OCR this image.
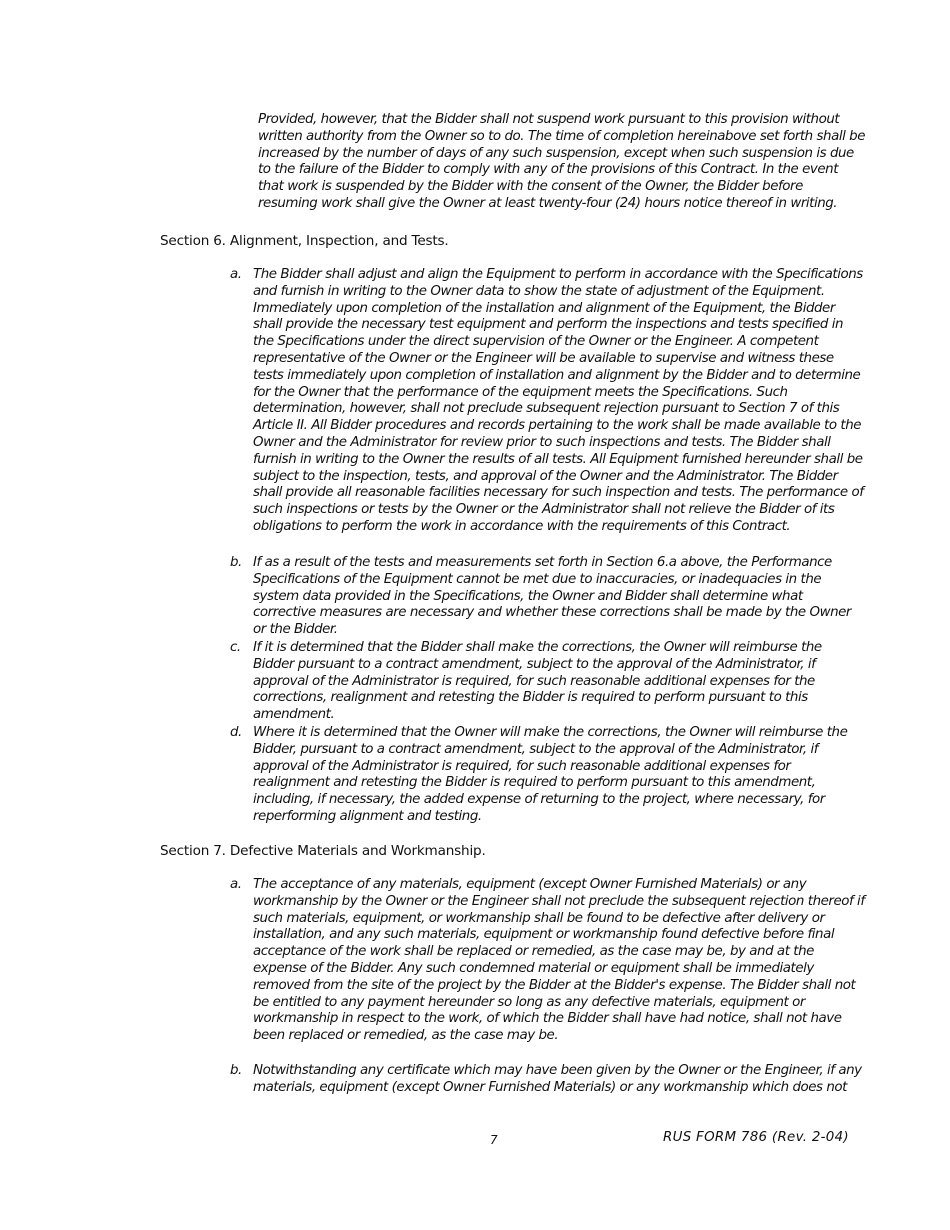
Provided, however, that the Bidder shall not suspend work pursuant to this provision without written authority from the Owner so to do. The time of completion hereinabove set forth shall be increased by the number of days of any such suspension, except when such suspension is due to the failure of the Bidder to comply with any of the provisions of this Contract. In the event that work is suspended by the Bidder with the consent of the Owner, the Bidder before resuming work shall give the Owner at least twenty-four (24) hours notice thereof in writing.

Section 6. Alignment, Inspection, and Tests.
a. The Bidder shall adjust and align the Equipment to perform in accordance with the Specifications and furnish in writing to the Owner data to show the state of adjustment of the Equipment. Immediately upon completion of the installation and alignment of the Equipment, the Bidder shall provide the necessary test equipment and perform the inspections and tests specified in the Specifications under the direct supervision of the Owner or the Engineer. A competent representative of the Owner or the Engineer will be available to supervise and witness these tests immediately upon completion of installation and alignment by the Bidder and to determine for the Owner that the performance of the equipment meets the Specifications. Such determination, however, shall not preclude subsequent rejection pursuant to Section 7 of this Article II. All Bidder procedures and records pertaining to the work shall be made available to the Owner and the Administrator for review prior to such inspections and tests. The Bidder shall furnish in writing to the Owner the results of all tests. All Equipment furnished hereunder shall be subject to the inspection, tests, and approval of the Owner and the Administrator. The Bidder shall provide all reasonable facilities necessary for such inspection and tests. The performance of such inspections or tests by the Owner or the Administrator shall not relieve the Bidder of its obligations to perform the work in accordance with the requirements of this Contract.
b. If as a result of the tests and measurements set forth in Section 6.a above, the Performance Specifications of the Equipment cannot be met due to inaccuracies, or inadequacies in the system data provided in the Specifications, the Owner and Bidder shall determine what corrective measures are necessary and whether these corrections shall be made by the Owner or the Bidder.
c. If it is determined that the Bidder shall make the corrections, the Owner will reimburse the Bidder pursuant to a contract amendment, subject to the approval of the Administrator, if approval of the Administrator is required, for such reasonable additional expenses for the corrections, realignment and retesting the Bidder is required to perform pursuant to this amendment.
d. Where it is determined that the Owner will make the corrections, the Owner will reimburse the Bidder, pursuant to a contract amendment, subject to the approval of the Administrator, if approval of the Administrator is required, for such reasonable additional expenses for realignment and retesting the Bidder is required to perform pursuant to this amendment, including, if necessary, the added expense of returning to the project, where necessary, for reperforming alignment and testing.
Section 7. Defective Materials and Workmanship.
a. The acceptance of any materials, equipment (except Owner Furnished Materials) or any workmanship by the Owner or the Engineer shall not preclude the subsequent rejection thereof if such materials, equipment, or workmanship shall be found to be defective after delivery or installation, and any such materials, equipment or workmanship found defective before final acceptance of the work shall be replaced or remedied, as the case may be, by and at the expense of the Bidder. Any such condemned material or equipment shall be immediately removed from the site of the project by the Bidder at the Bidder's expense. The Bidder shall not be entitled to any payment hereunder so long as any defective materials, equipment or workmanship in respect to the work, of which the Bidder shall have had notice, shall not have been replaced or remedied, as the case may be.
b. Notwithstanding any certificate which may have been given by the Owner or the Engineer, if any materials, equipment (except Owner Furnished Materials) or any workmanship which does not
7	RUS FORM 786 (Rev. 2-04)
